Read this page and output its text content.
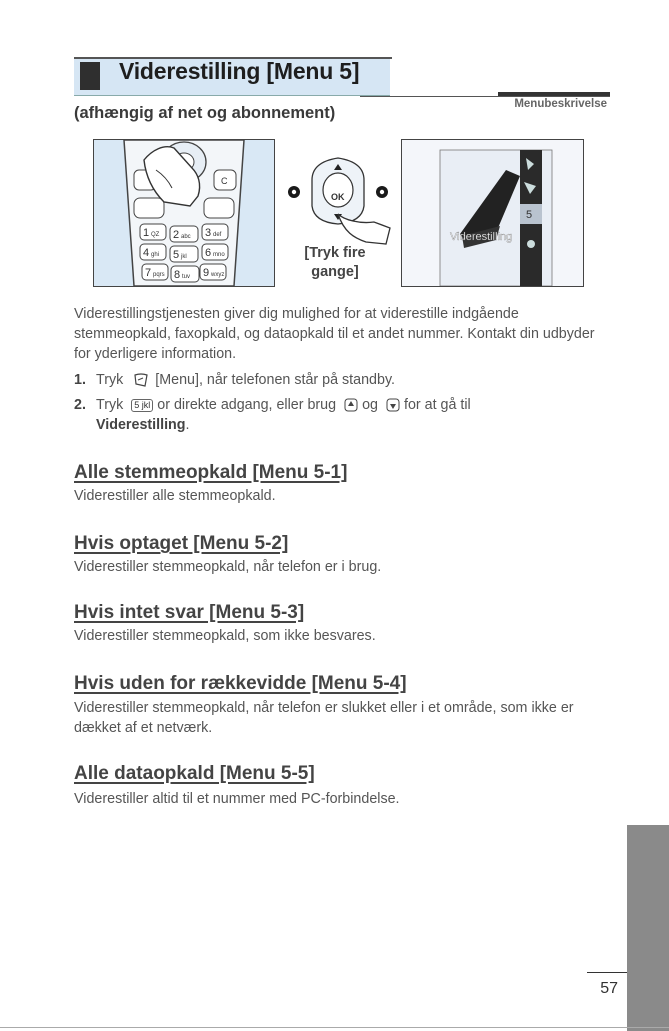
Viderestilling [Menu 5]
(afhængig af net og abonnement)	Menubeskrivelse
C
1 QZ 2 abc 3 def
4 ghi 5 jkl 6 mno
7 pqrs 8 tuv 9 wxyz
OK
[Tryk fire
gange]
Viderestilling
5
Viderestillingstjenesten giver dig mulighed for at viderestille indgående stemmeopkald, faxopkald, og dataopkald til et andet nummer. Kontakt din udbyder for yderligere information.
1. Tryk [Menu], når telefonen står på standby.
2. Tryk 5 jkl or direkte adgang, eller brug og for at gå til
Viderestilling.
Alle stemmeopkald [Menu 5-1]
Viderestiller alle stemmeopkald.
Hvis optaget [Menu 5-2]
Viderestiller stemmeopkald, når telefon er i brug.
Hvis intet svar [Menu 5-3]
Viderestiller stemmeopkald, som ikke besvares.
Hvis uden for rækkevidde [Menu 5-4]
Viderestiller stemmeopkald, når telefon er slukket eller i et område, som ikke er dækket af et netværk.
Alle dataopkald [Menu 5-5]
Viderestiller altid til et nummer med PC-forbindelse.
57
